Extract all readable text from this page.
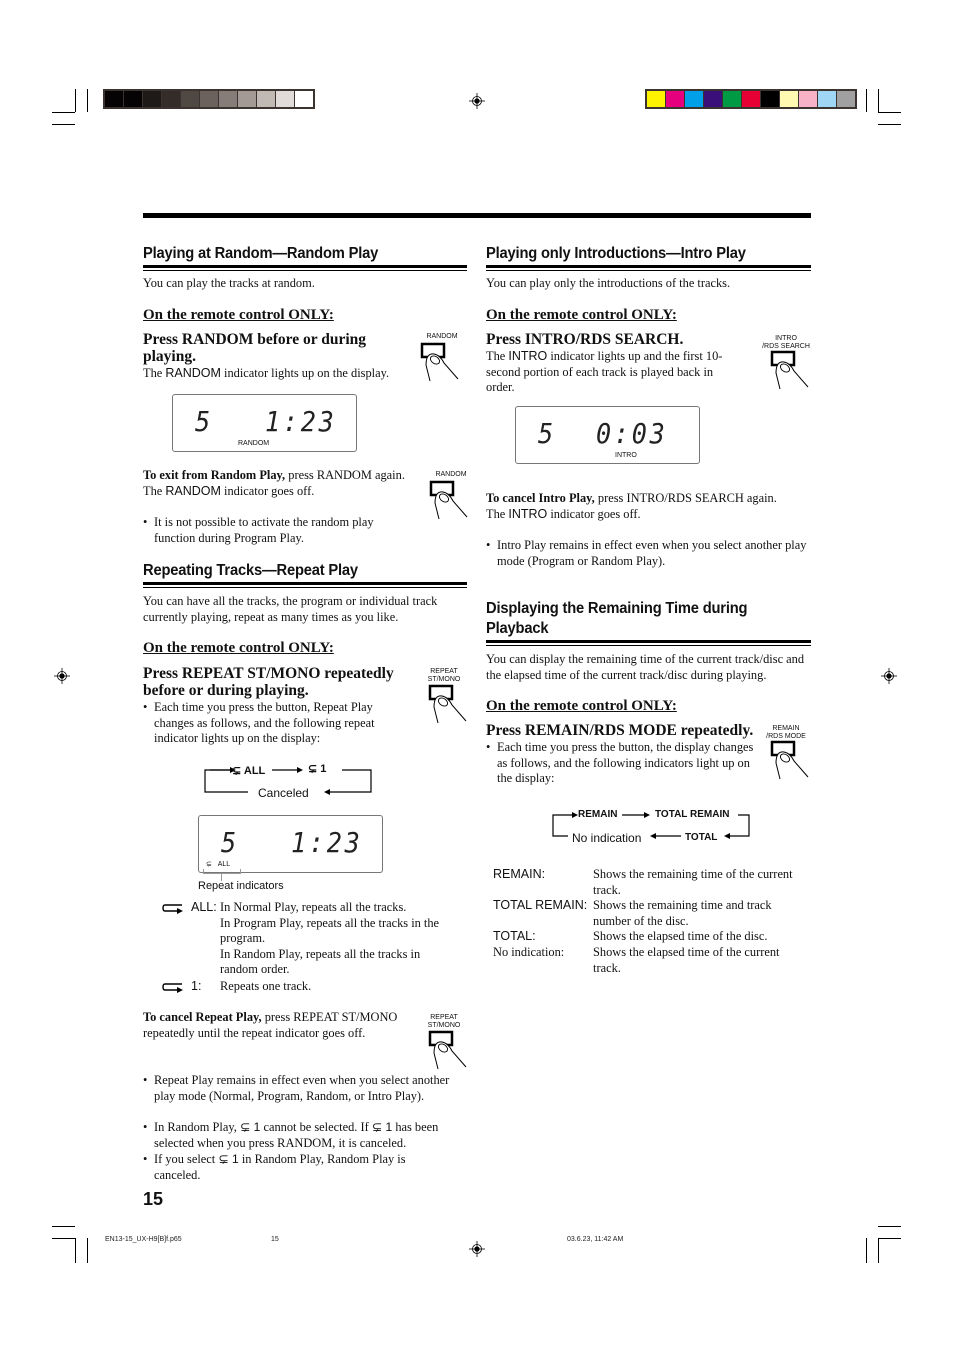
Playing at Random—Random Play

You can play the tracks at random.

On the remote control ONLY:

Press RANDOM before or during playing.

The RANDOM indicator lights up on the display.

RANDOM
5 1:23
RANDOM

To exit from Random Play, press RANDOM again.
The RANDOM indicator goes off.

RANDOM

• It is not possible to activate the random play function during Program Play.

Repeating Tracks—Repeat Play

You can have all the tracks, the program or individual track currently playing, repeat as many times as you like.

On the remote control ONLY:

Press REPEAT ST/MONO repeatedly before or during playing.

REPEAT
ST/MONO

• Each time you press the button, Repeat Play changes as follows, and the following repeat indicator lights up on the display:

⊊ ALL	⊊ 1
Canceled
5 1:23
⊊ ALL
Repeat indicators
ALL: In Normal Play, repeats all the tracks.
In Program Play, repeats all the tracks in the program.
In Random Play, repeats all the tracks in random order.
1: Repeats one track.

To cancel Repeat Play, press REPEAT ST/MONO repeatedly until the repeat indicator goes off.

REPEAT
ST/MONO

• Repeat Play remains in effect even when you select another play mode (Normal, Program, Random, or Intro Play).

• In Random Play, ⊊ 1 cannot be selected. If ⊊ 1 has been selected when you press RANDOM, it is canceled.

• If you select ⊊ 1 in Random Play, Random Play is canceled.

15
Playing only Introductions—Intro Play

You can play only the introductions of the tracks.

On the remote control ONLY:

Press INTRO/RDS SEARCH.

The INTRO indicator lights up and the first 10-second portion of each track is played back in order.

INTRO
/RDS SEARCH
5 0:03
INTRO

To cancel Intro Play, press INTRO/RDS SEARCH again.
The INTRO indicator goes off.

• Intro Play remains in effect even when you select another play mode (Program or Random Play).

Displaying the Remaining Time during
Playback

You can display the remaining time of the current track/disc and the elapsed time of the current track/disc during playing.

On the remote control ONLY:

Press REMAIN/RDS MODE repeatedly.	REMAIN
/RDS MODE

• Each time you press the button, the display changes as follows, and the following indicators light up on the display:

REMAIN	TOTAL REMAIN
No indication	TOTAL
REMAIN:	Shows the remaining time of the current track.
TOTAL REMAIN: Shows the remaining time and track number of the disc.
TOTAL:	Shows the elapsed time of the disc.
No indication:	Shows the elapsed time of the current track.
EN13-15_UX-H9[B]f.p65	15	03.6.23, 11:42 AM
